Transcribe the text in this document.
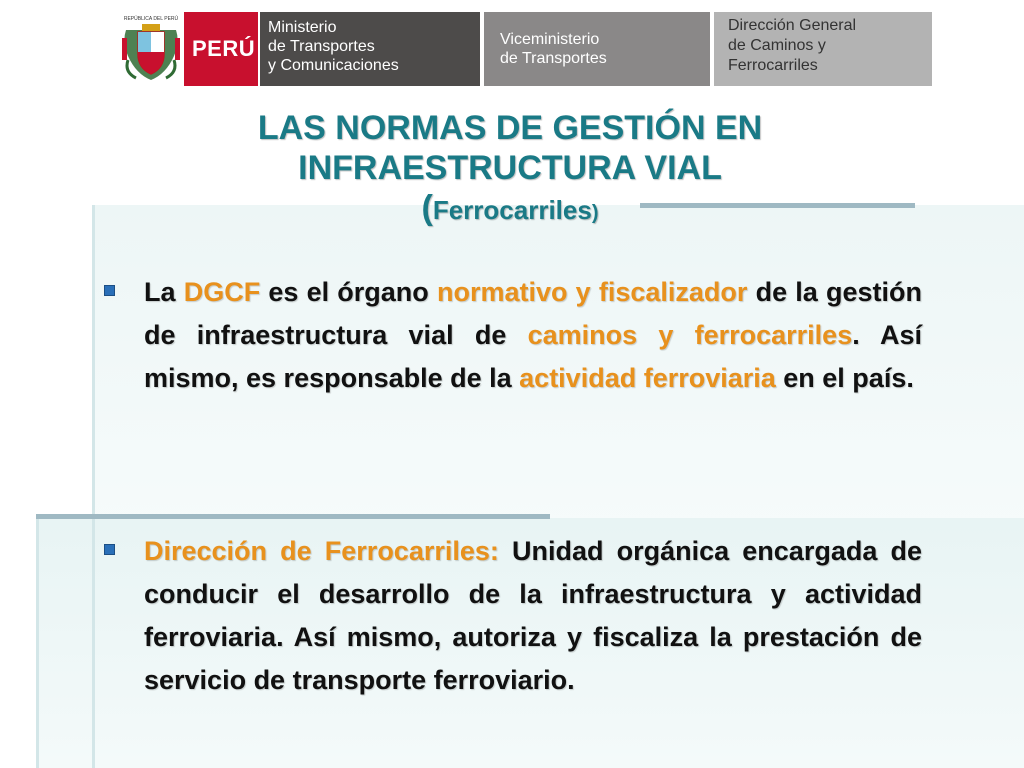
REPÚBLICA DEL PERÚ
PERÚ
Ministerio
de Transportes
y Comunicaciones
Viceministerio
de Transportes
Dirección General
de Caminos y
Ferrocarriles
LAS NORMAS DE GESTIÓN EN
INFRAESTRUCTURA VIAL
(Ferrocarriles)
La DGCF es el órgano normativo y fiscalizador de la gestión de infraestructura vial de caminos y ferrocarriles. Así mismo, es responsable de la actividad ferroviaria en el país.
Dirección de Ferrocarriles: Unidad orgánica encargada de conducir el desarrollo de la infraestructura y actividad ferroviaria. Así mismo, autoriza y fiscaliza la prestación de servicio de transporte ferroviario.
